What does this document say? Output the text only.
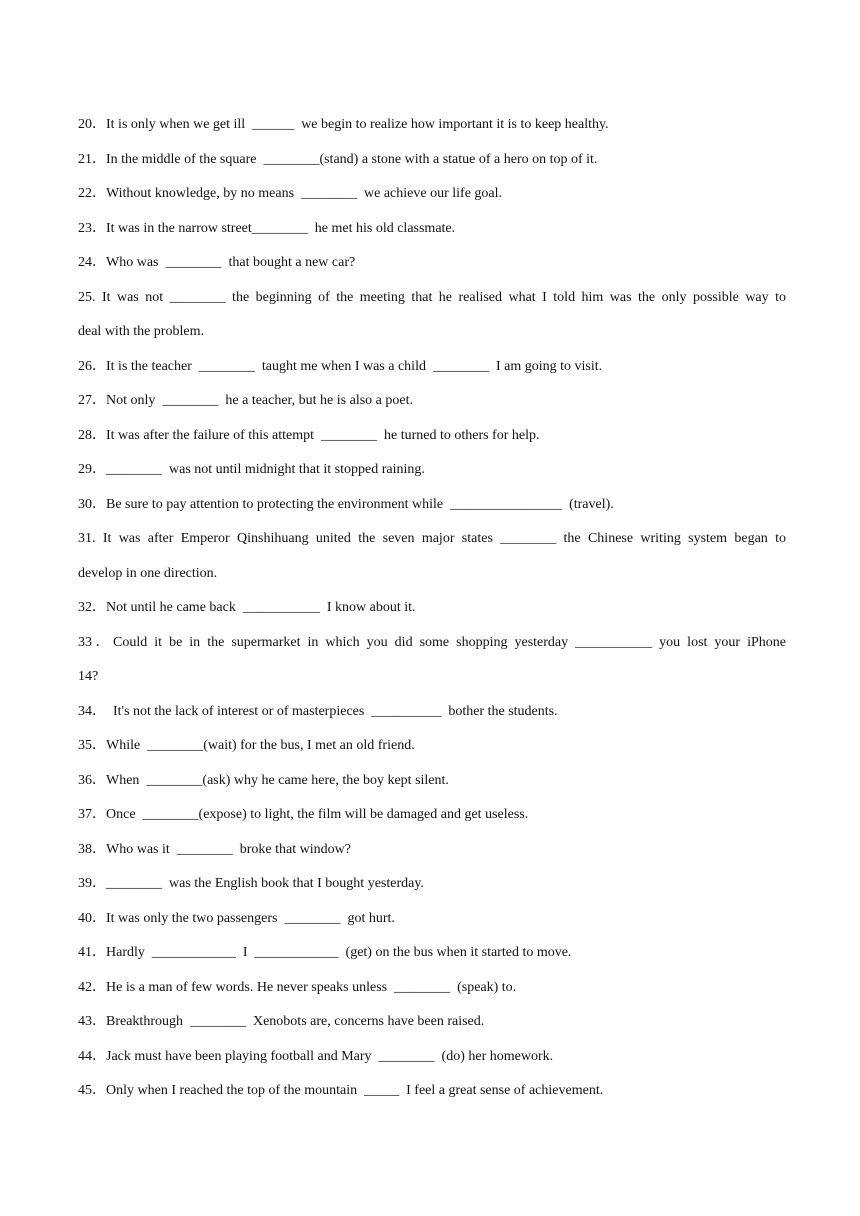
20．It is only when we get ill  ______  we begin to realize how important it is to keep healthy.
21．In the middle of the square  ________(stand) a stone with a statue of a hero on top of it.
22．Without knowledge, by no means  ________  we achieve our life goal.
23．It was in the narrow street________  he met his old classmate.
24．Who was  ________  that bought a new car?
25. It was not ________ the beginning of the meeting that he realised what I told him was the only possible way to
deal with the problem.
26．It is the teacher  ________  taught me when I was a child  ________  I am going to visit.
27．Not only  ________  he a teacher, but he is also a poet.
28．It was after the failure of this attempt  ________  he turned to others for help.
29．________  was not until midnight that it stopped raining.
30．Be sure to pay attention to protecting the environment while  ________________  (travel).
31. It was after Emperor Qinshihuang united the seven major states ________ the Chinese writing system began to
develop in one direction.
32．Not until he came back  ___________  I know about it.
33．Could it be in the supermarket in which you did some shopping yesterday ___________ you lost your iPhone
14?
34．  It's not the lack of interest or of masterpieces  __________  bother the students.
35．While  ________(wait) for the bus, I met an old friend.
36．When  ________(ask) why he came here, the boy kept silent.
37．Once  ________(expose) to light, the film will be damaged and get useless.
38．Who was it  ________  broke that window?
39．________  was the English book that I bought yesterday.
40．It was only the two passengers  ________  got hurt.
41．Hardly  ____________  I  ____________  (get) on the bus when it started to move.
42．He is a man of few words. He never speaks unless  ________  (speak) to.
43．Breakthrough  ________  Xenobots are, concerns have been raised.
44．Jack must have been playing football and Mary  ________  (do) her homework.
45．Only when I reached the top of the mountain  _____  I feel a great sense of achievement.
